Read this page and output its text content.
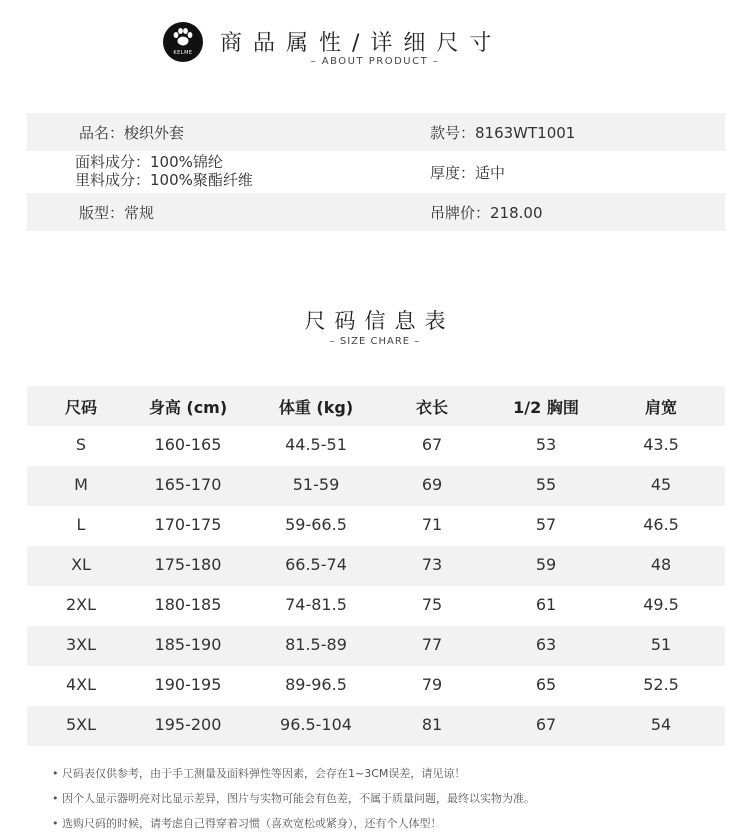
KELME	商品属性/详细尺寸
– ABOUT PRODUCT –
品名：梭织外套	款号：8163WT1001
面料成分：100%锦纶
里料成分：100%聚酯纤维	厚度：适中
版型：常规	吊牌价：218.00
尺码信息表
– SIZE CHARE –
尺码	身高 (cm)	体重 (kg)	衣长	1/2 胸围	肩宽
S	160-165	44.5-51	67	53	43.5
M	165-170	51-59	69	55	45
L	170-175	59-66.5	71	57	46.5
XL	175-180	66.5-74	73	59	48
2XL	180-185	74-81.5	75	61	49.5
3XL	185-190	81.5-89	77	63	51
4XL	190-195	89-96.5	79	65	52.5
5XL	195-200	96.5-104	81	67	54
• 尺码表仅供参考，由于手工测量及面料弹性等因素，会存在1~3CM误差，请见谅！
• 因个人显示器明亮对比显示差异，图片与实物可能会有色差，不属于质量问题，最终以实物为准。
• 选购尺码的时候，请考虑自己得穿着习惯（喜欢宽松或紧身），还有个人体型！
